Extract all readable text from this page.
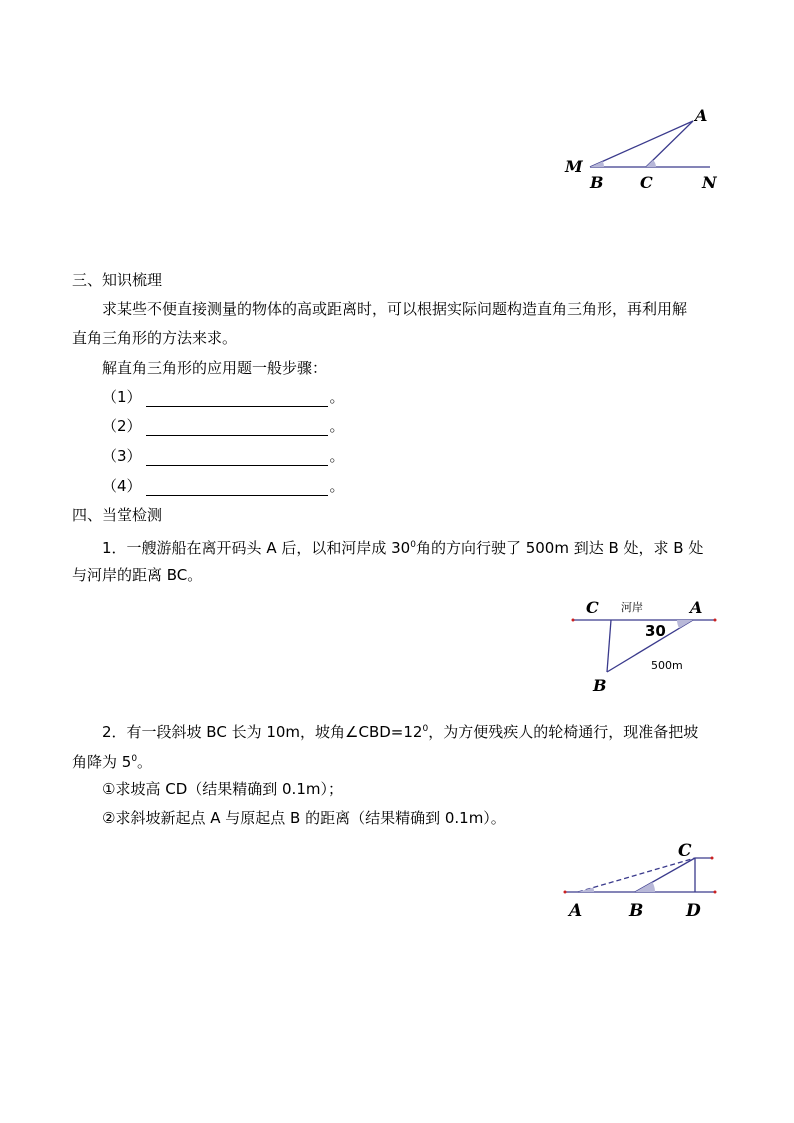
A
M
B C	N
三、知识梳理
求某些不便直接测量的物体的高或距离时，可以根据实际问题构造直角三角形，再利用解
直角三角形的方法来求。
解直角三角形的应用题一般步骤：
（1）	。
（2）	。
（3）	。
（4）	。
四、当堂检测
1．一艘游船在离开码头 A 后，以和河岸成 $30^0$角的方向行驶了 500m 到达 B 处，求 B 处
与河岸的距离 BC。
C 河岸	A
30
500m
B
2．有一段斜坡 BC 长为 10m，坡角$\angle CBD=12^0$，为方便残疾人的轮椅通行，现准备把坡
角降为 $5^0$。
①求坡高 CD（结果精确到 0.1m）；
②求斜坡新起点 A 与原起点 B 的距离（结果精确到 0.1m）。
C
A	B	D
